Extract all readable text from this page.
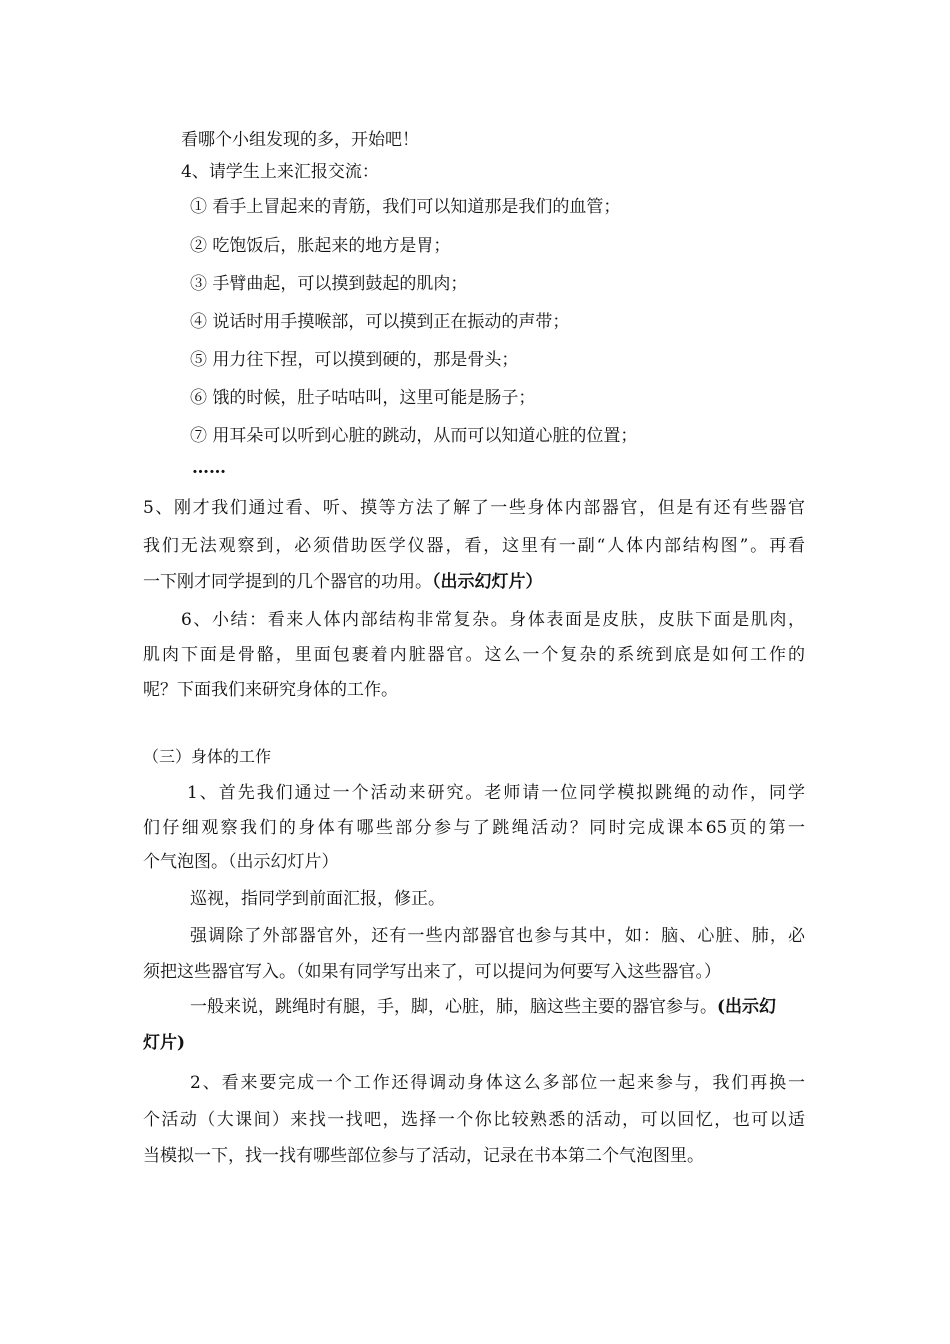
看哪个小组发现的多，开始吧！
4、请学生上来汇报交流：
① 看手上冒起来的青筋，我们可以知道那是我们的血管；
② 吃饱饭后，胀起来的地方是胃；
③ 手臂曲起，可以摸到鼓起的肌肉；
④ 说话时用手摸喉部，可以摸到正在振动的声带；
⑤ 用力往下捏，可以摸到硬的，那是骨头；
⑥ 饿的时候，肚子咕咕叫，这里可能是肠子；
⑦ 用耳朵可以听到心脏的跳动，从而可以知道心脏的位置；
……
5、刚才我们通过看、听、摸等方法了解了一些身体内部器官，但是有还有些器官
我们无法观察到，必须借助医学仪器，看，这里有一副“人体内部结构图”。再看
一下刚才同学提到的几个器官的功用。（出示幻灯片）
6、小结：看来人体内部结构非常复杂。身体表面是皮肤，皮肤下面是肌肉，
肌肉下面是骨骼，里面包裹着内脏器官。这么一个复杂的系统到底是如何工作的
呢？下面我们来研究身体的工作。
（三）身体的工作
1、首先我们通过一个活动来研究。老师请一位同学模拟跳绳的动作，同学
们仔细观察我们的身体有哪些部分参与了跳绳活动？同时完成课本65页的第一
个气泡图。（出示幻灯片）
巡视，指同学到前面汇报，修正。
强调除了外部器官外，还有一些内部器官也参与其中，如：脑、心脏、肺，必
须把这些器官写入。（如果有同学写出来了，可以提问为何要写入这些器官。）
一般来说，跳绳时有腿，手，脚，心脏，肺，脑这些主要的器官参与。(出示幻
灯片)
2、看来要完成一个工作还得调动身体这么多部位一起来参与，我们再换一
个活动（大课间）来找一找吧，选择一个你比较熟悉的活动，可以回忆，也可以适
当模拟一下，找一找有哪些部位参与了活动，记录在书本第二个气泡图里。
